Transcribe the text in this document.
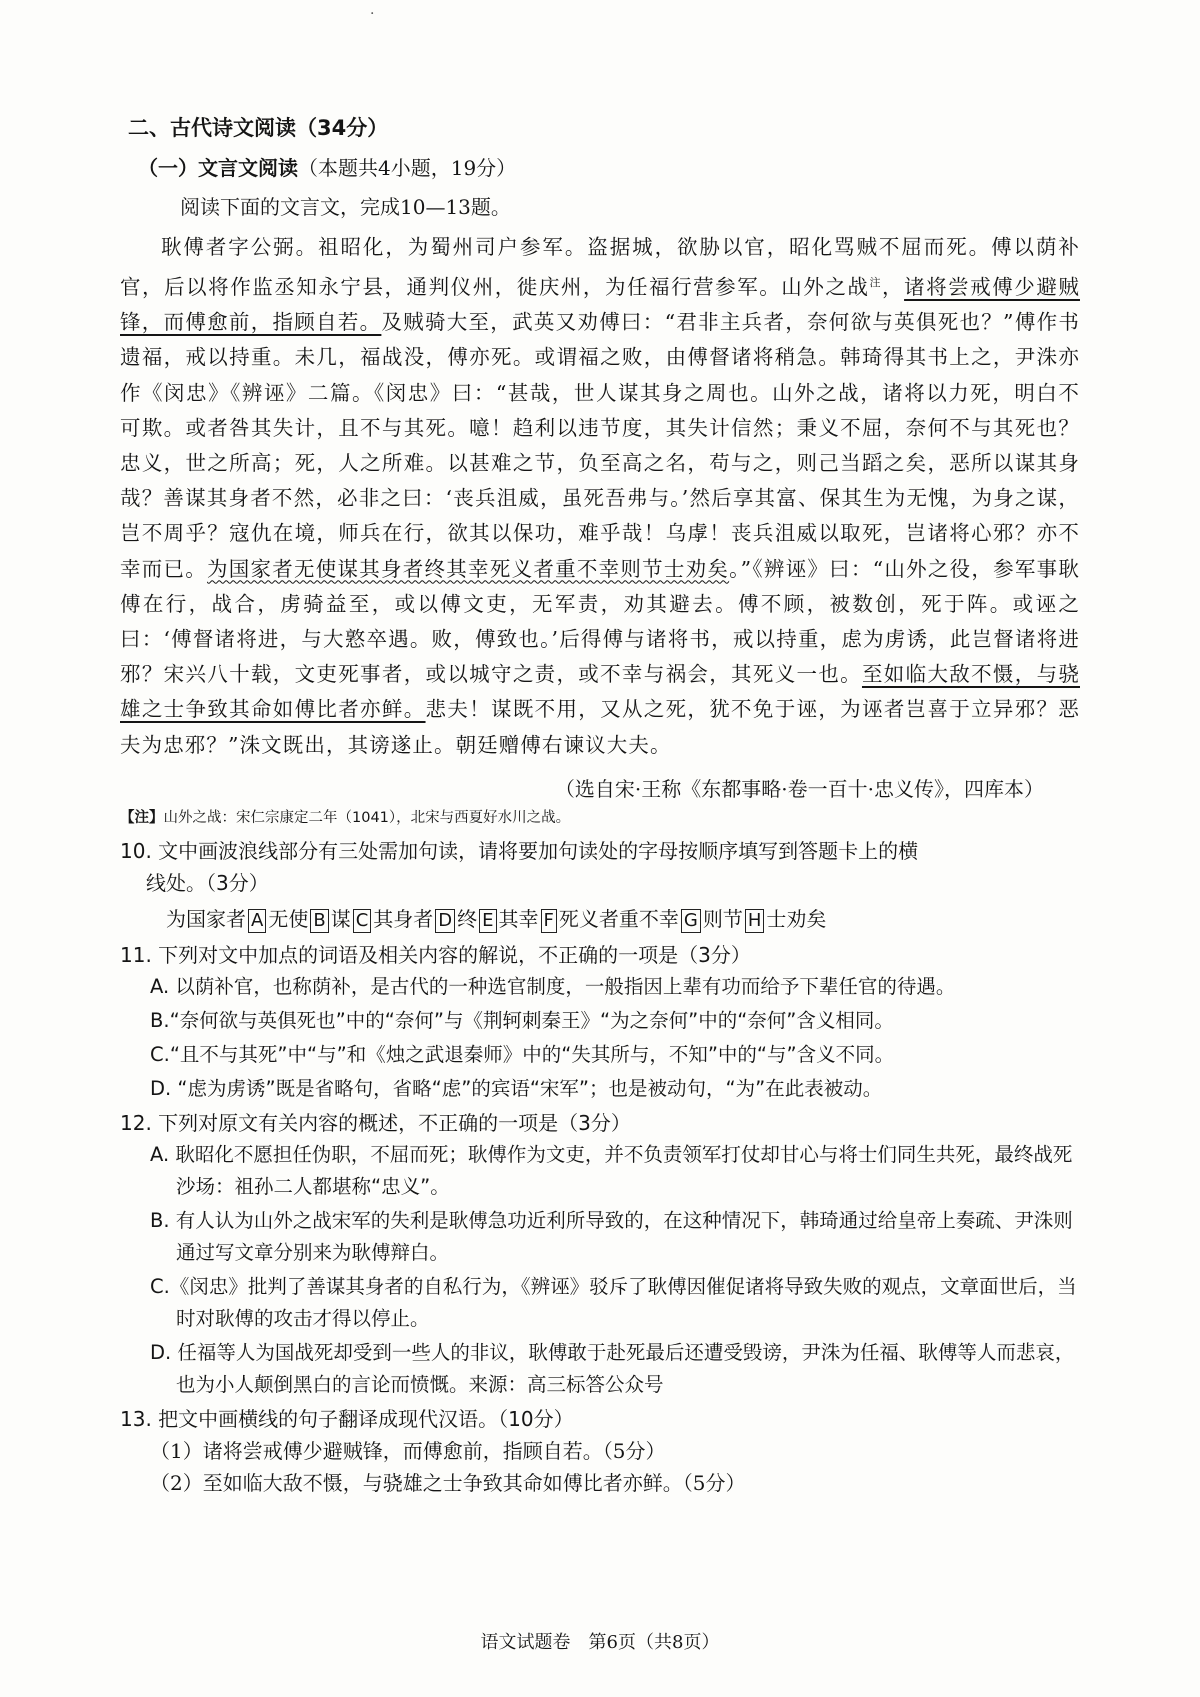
·
二、古代诗文阅读（34分）
（一）文言文阅读（本题共4小题，19分）
阅读下面的文言文，完成10—13题。

耿傅者字公弼。祖昭化，为蜀州司户参军。盗据城，欲胁以官，昭化骂贼不屈而死。傅以荫补官，后以将作监丞知永宁县，通判仪州，徙庆州，为任福行营参军。山外之战$^注$，诸将尝戒傅少避贼锋，而傅愈前，指顾自若。及贼骑大至，武英又劝傅曰：“君非主兵者，奈何欲与英俱死也？”傅作书遗福，戒以持重。未几，福战没，傅亦死。或谓福之败，由傅督诸将稍急。韩琦得其书上之，尹洙亦作《闵忠》《辨诬》二篇。《闵忠》曰：“甚哉，世人谋其身之周也。山外之战，诸将以力死，明白不可欺。或者咎其失计，且不与其死。噫！趋利以违节度，其失计信然；秉义不屈，奈何不与其死也？忠义，世之所高；死，人之所难。以甚难之节，负至高之名，苟与之，则己当蹈之矣，恶所以谋其身哉？善谋其身者不然，必非之曰：‘丧兵沮威，虽死吾弗与。’然后享其富、保其生为无愧，为身之谋，岂不周乎？寇仇在境，师兵在行，欲其以保功，难乎哉！乌虖！丧兵沮威以取死，岂诸将心邪？亦不幸而已。为国家者无使谋其身者终其幸死义者重不幸则节士劝矣。”《辨诬》曰：“山外之役，参军事耿傅在行，战合，虏骑益至，或以傅文吏，无军责，劝其避去。傅不顾，被数创，死于阵。或诬之曰：‘傅督诸将进，与大憝卒遇。败，傅致也。’后得傅与诸将书，戒以持重，虑为虏诱，此岂督诸将进邪？宋兴八十载，文吏死事者，或以城守之责，或不幸与祸会，其死义一也。至如临大敌不慑，与骁雄之士争致其命如傅比者亦鲜。悲夫！谋既不用，又从之死，犹不免于诬，为诬者岂喜于立异邪？恶夫为忠邪？”洙文既出，其谤遂止。朝廷赠傅右谏议大夫。

（选自宋·王称《东都事略·卷一百十·忠义传》，四库本）
【注】山外之战：宋仁宗康定二年（1041），北宋与西夏好水川之战。

10. 文中画波浪线部分有三处需加句读，请将要加句读处的字母按顺序填写到答题卡上的横

线处。（3分）

为国家者 A 无使 B 谋 C 其身者 D 终 E 其幸 F 死义者重不幸 G 则节 H 士劝矣

11. 下列对文中加点的词语及相关内容的解说，不正确的一项是（3分）

A. 以荫补官，也称荫补，是古代的一种选官制度，一般指因上辈有功而给予下辈任官的待遇。

B.“奈何欲与英俱死也”中的“奈何”与《荆轲刺秦王》“为之奈何”中的“奈何”含义相同。

C.“且不与其死”中“与”和《烛之武退秦师》中的“失其所与，不知”中的“与”含义不同。

D. “虑为虏诱”既是省略句，省略“虑”的宾语“宋军”；也是被动句，“为”在此表被动。

12. 下列对原文有关内容的概述，不正确的一项是（3分）

A. 耿昭化不愿担任伪职，不屈而死；耿傅作为文吏，并不负责领军打仗却甘心与将士们同生共死，最终战死沙场：祖孙二人都堪称“忠义”。

B. 有人认为山外之战宋军的失利是耿傅急功近利所导致的，在这种情况下，韩琦通过给皇帝上奏疏、尹洙则通过写文章分别来为耿傅辩白。

C.《闵忠》批判了善谋其身者的自私行为，《辨诬》驳斥了耿傅因催促诸将导致失败的观点，文章面世后，当时对耿傅的攻击才得以停止。

D. 任福等人为国战死却受到一些人的非议，耿傅敢于赴死最后还遭受毁谤，尹洙为任福、耿傅等人而悲哀，也为小人颠倒黑白的言论而愤慨。来源：高三标答公众号

13. 把文中画横线的句子翻译成现代汉语。（10分）

（1）诸将尝戒傅少避贼锋，而傅愈前，指顾自若。（5分）

（2）至如临大敌不慑，与骁雄之士争致其命如傅比者亦鲜。（5分）

语文试题卷　第6页（共8页）
